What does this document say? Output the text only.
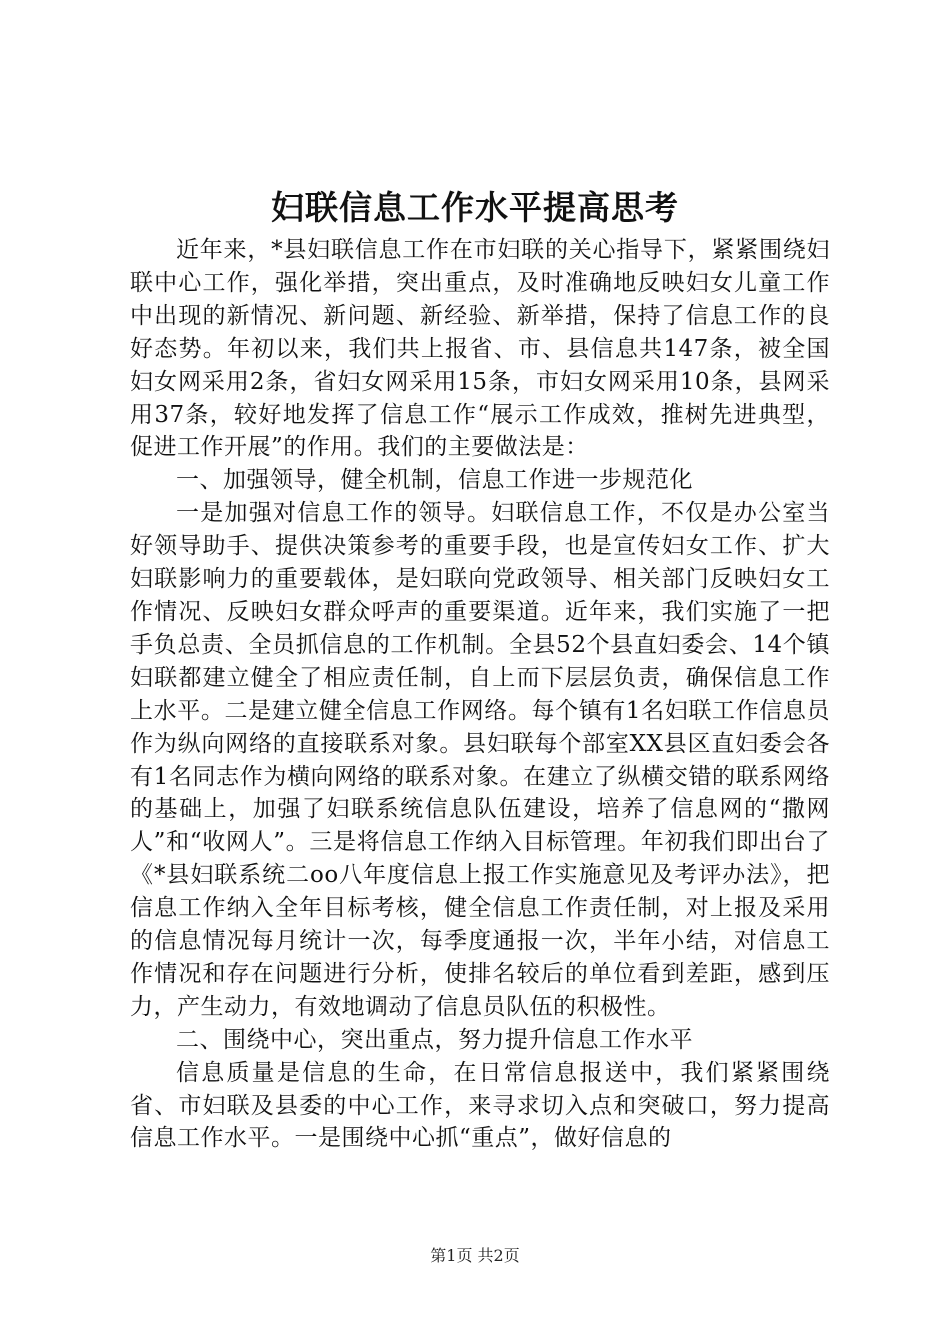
妇联信息工作水平提高思考

近年来，*县妇联信息工作在市妇联的关心指导下，紧紧围绕妇联中心工作，强化举措，突出重点，及时准确地反映妇女儿童工作中出现的新情况、新问题、新经验、新举措，保持了信息工作的良好态势。年初以来，我们共上报省、市、县信息共147条，被全国妇女网采用2条，省妇女网采用15条，市妇女网采用10条，县网采用37条，较好地发挥了信息工作“展示工作成效，推树先进典型，促进工作开展”的作用。我们的主要做法是：

一、加强领导，健全机制，信息工作进一步规范化

一是加强对信息工作的领导。妇联信息工作，不仅是办公室当好领导助手、提供决策参考的重要手段，也是宣传妇女工作、扩大妇联影响力的重要载体，是妇联向党政领导、相关部门反映妇女工作情况、反映妇女群众呼声的重要渠道。近年来，我们实施了一把手负总责、全员抓信息的工作机制。全县52个县直妇委会、14个镇妇联都建立健全了相应责任制，自上而下层层负责，确保信息工作上水平。二是建立健全信息工作网络。每个镇有1名妇联工作信息员作为纵向网络的直接联系对象。县妇联每个部室XX县区直妇委会各有1名同志作为横向网络的联系对象。在建立了纵横交错的联系网络的基础上，加强了妇联系统信息队伍建设，培养了信息网的“撒网人”和“收网人”。三是将信息工作纳入目标管理。年初我们即出台了《*县妇联系统二oo八年度信息上报工作实施意见及考评办法》，把信息工作纳入全年目标考核，健全信息工作责任制，对上报及采用的信息情况每月统计一次，每季度通报一次，半年小结，对信息工作情况和存在问题进行分析，使排名较后的单位看到差距，感到压力，产生动力，有效地调动了信息员队伍的积极性。

二、围绕中心，突出重点，努力提升信息工作水平

信息质量是信息的生命，在日常信息报送中，我们紧紧围绕省、市妇联及县委的中心工作，来寻求切入点和突破口，努力提高信息工作水平。一是围绕中心抓“重点”，做好信息的

第1页 共2页
